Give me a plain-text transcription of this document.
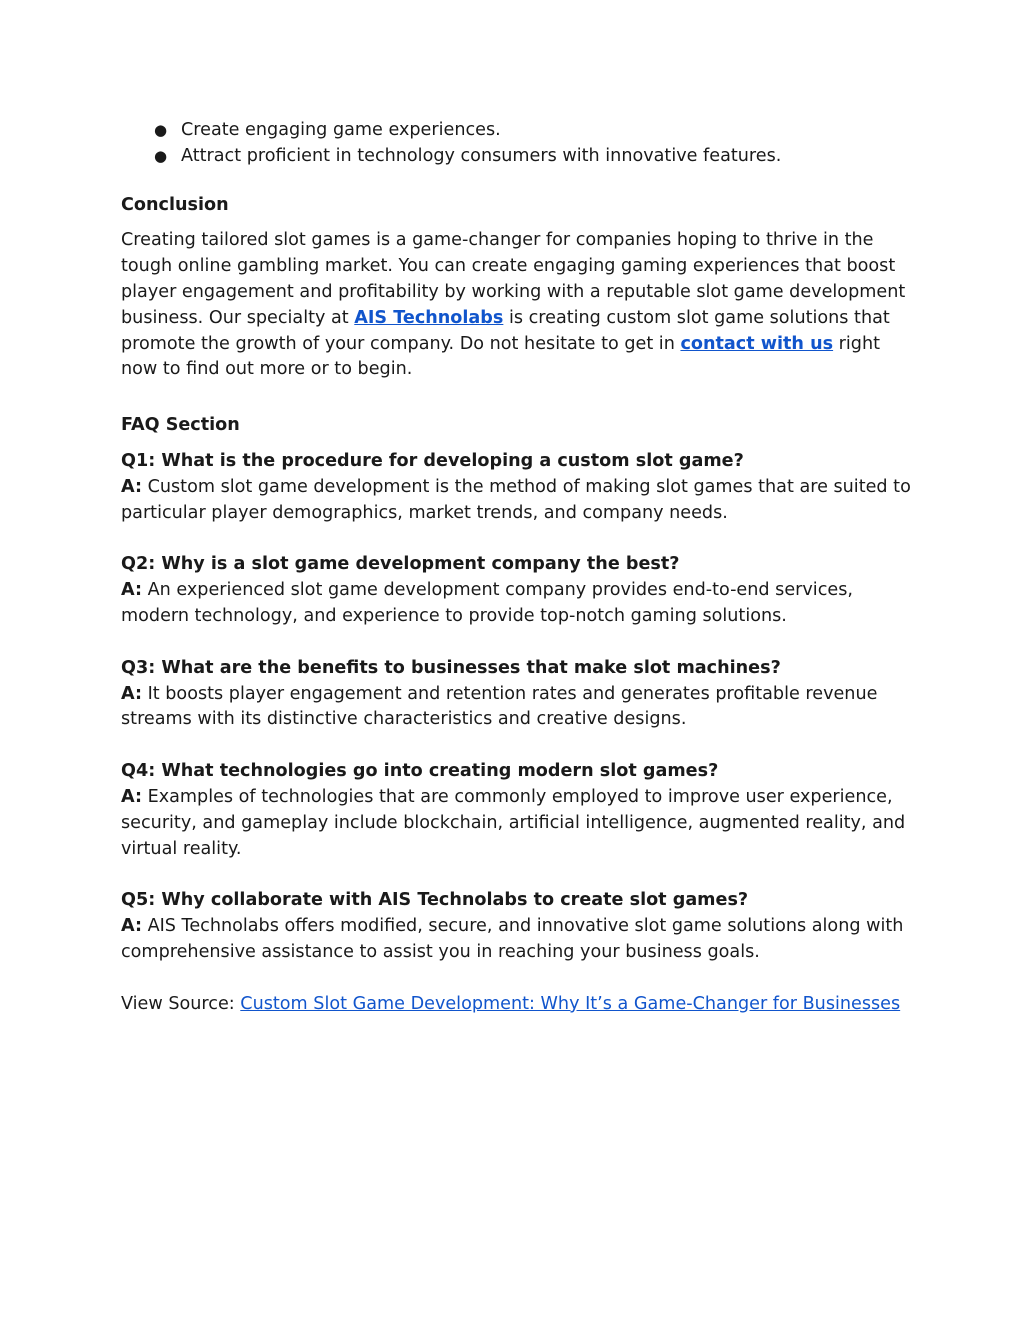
● Create engaging game experiences.
● Attract proficient in technology consumers with innovative features.
Conclusion

Creating tailored slot games is a game-changer for companies hoping to thrive in the tough online gambling market. You can create engaging gaming experiences that boost player engagement and profitability by working with a reputable slot game development business. Our specialty at AIS Technolabs is creating custom slot game solutions that promote the growth of your company. Do not hesitate to get in contact with us right now to find out more or to begin.

FAQ Section

Q1: What is the procedure for developing a custom slot game?

A: Custom slot game development is the method of making slot games that are suited to particular player demographics, market trends, and company needs.

Q2: Why is a slot game development company the best?

A: An experienced slot game development company provides end-to-end services, modern technology, and experience to provide top-notch gaming solutions.

Q3: What are the benefits to businesses that make slot machines?

A: It boosts player engagement and retention rates and generates profitable revenue streams with its distinctive characteristics and creative designs.

Q4: What technologies go into creating modern slot games?

A: Examples of technologies that are commonly employed to improve user experience, security, and gameplay include blockchain, artificial intelligence, augmented reality, and virtual reality.

Q5: Why collaborate with AIS Technolabs to create slot games?

A: AIS Technolabs offers modified, secure, and innovative slot game solutions along with comprehensive assistance to assist you in reaching your business goals.

View Source: Custom Slot Game Development: Why It’s a Game-Changer for Businesses
